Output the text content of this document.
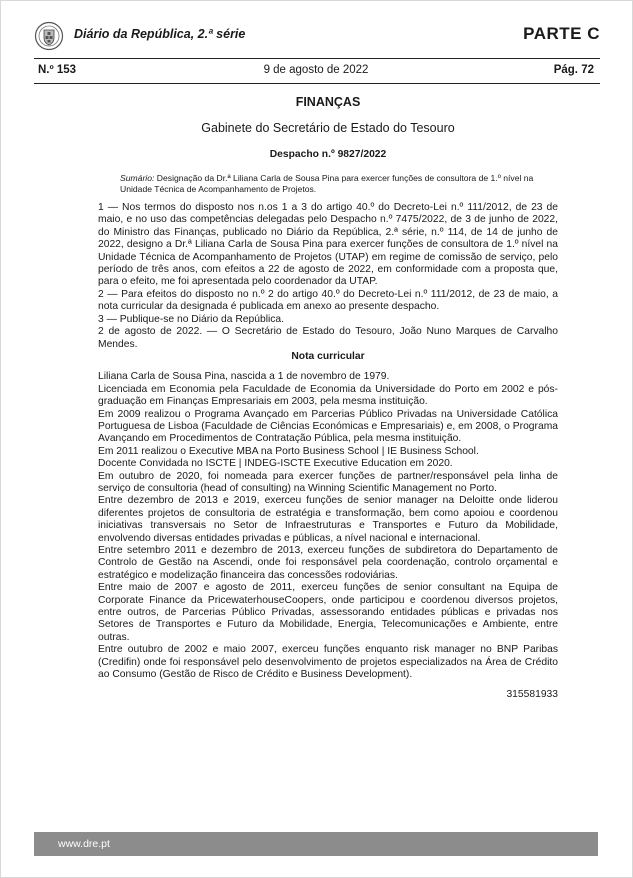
Diário da República, 2.ª série	PARTE C
9 de agosto de 2022
N.º 153	Pág. 72
FINANÇAS
Gabinete do Secretário de Estado do Tesouro
Despacho n.º 9827/2022
Sumário: Designação da Dr.ª Liliana Carla de Sousa Pina para exercer funções de consultora de 1.º nível na Unidade Técnica de Acompanhamento de Projetos.

1 — Nos termos do disposto nos n.os 1 a 3 do artigo 40.º do Decreto-Lei n.º 111/2012, de 23 de maio, e no uso das competências delegadas pelo Despacho n.º 7475/2022, de 3 de junho de 2022, do Ministro das Finanças, publicado no Diário da República, 2.ª série, n.º 114, de 14 de junho de 2022, designo a Dr.ª Liliana Carla de Sousa Pina para exercer funções de consultora de 1.º nível na Unidade Técnica de Acompanhamento de Projetos (UTAP) em regime de comissão de serviço, pelo período de três anos, com efeitos a 22 de agosto de 2022, em conformidade com a proposta que, para o efeito, me foi apresentada pelo coordenador da UTAP.

2 — Para efeitos do disposto no n.º 2 do artigo 40.º do Decreto-Lei n.º 111/2012, de 23 de maio, a nota curricular da designada é publicada em anexo ao presente despacho.

3 — Publique-se no Diário da República.

2 de agosto de 2022. — O Secretário de Estado do Tesouro, João Nuno Marques de Carvalho Mendes.

Nota curricular

Liliana Carla de Sousa Pina, nascida a 1 de novembro de 1979.

Licenciada em Economia pela Faculdade de Economia da Universidade do Porto em 2002 e pós-graduação em Finanças Empresariais em 2003, pela mesma instituição.

Em 2009 realizou o Programa Avançado em Parcerias Público Privadas na Universidade Católica Portuguesa de Lisboa (Faculdade de Ciências Económicas e Empresariais) e, em 2008, o Programa Avançando em Procedimentos de Contratação Pública, pela mesma instituição.

Em 2011 realizou o Executive MBA na Porto Business School | IE Business School.

Docente Convidada no ISCTE | INDEG-ISCTE Executive Education em 2020.

Em outubro de 2020, foi nomeada para exercer funções de partner/responsável pela linha de serviço de consultoria (head of consulting) na Winning Scientific Management no Porto.

Entre dezembro de 2013 e 2019, exerceu funções de senior manager na Deloitte onde liderou diferentes projetos de consultoria de estratégia e transformação, bem como apoiou e coordenou iniciativas transversais no Setor de Infraestruturas e Transportes e Futuro da Mobilidade, envolvendo diversas entidades privadas e públicas, a nível nacional e internacional.

Entre setembro 2011 e dezembro de 2013, exerceu funções de subdiretora do Departamento de Controlo de Gestão na Ascendi, onde foi responsável pela coordenação, controlo orçamental e estratégico e modelização financeira das concessões rodoviárias.

Entre maio de 2007 e agosto de 2011, exerceu funções de senior consultant na Equipa de Corporate Finance da PricewaterhouseCoopers, onde participou e coordenou diversos projetos, entre outros, de Parcerias Público Privadas, assessorando entidades públicas e privadas nos Setores de Transportes e Futuro da Mobilidade, Energia, Telecomunicações e Ambiente, entre outras.

Entre outubro de 2002 e maio 2007, exerceu funções enquanto risk manager no BNP Paribas (Credifin) onde foi responsável pelo desenvolvimento de projetos especializados na Área de Crédito ao Consumo (Gestão de Risco de Crédito e Business Development).

315581933
www.dre.pt
